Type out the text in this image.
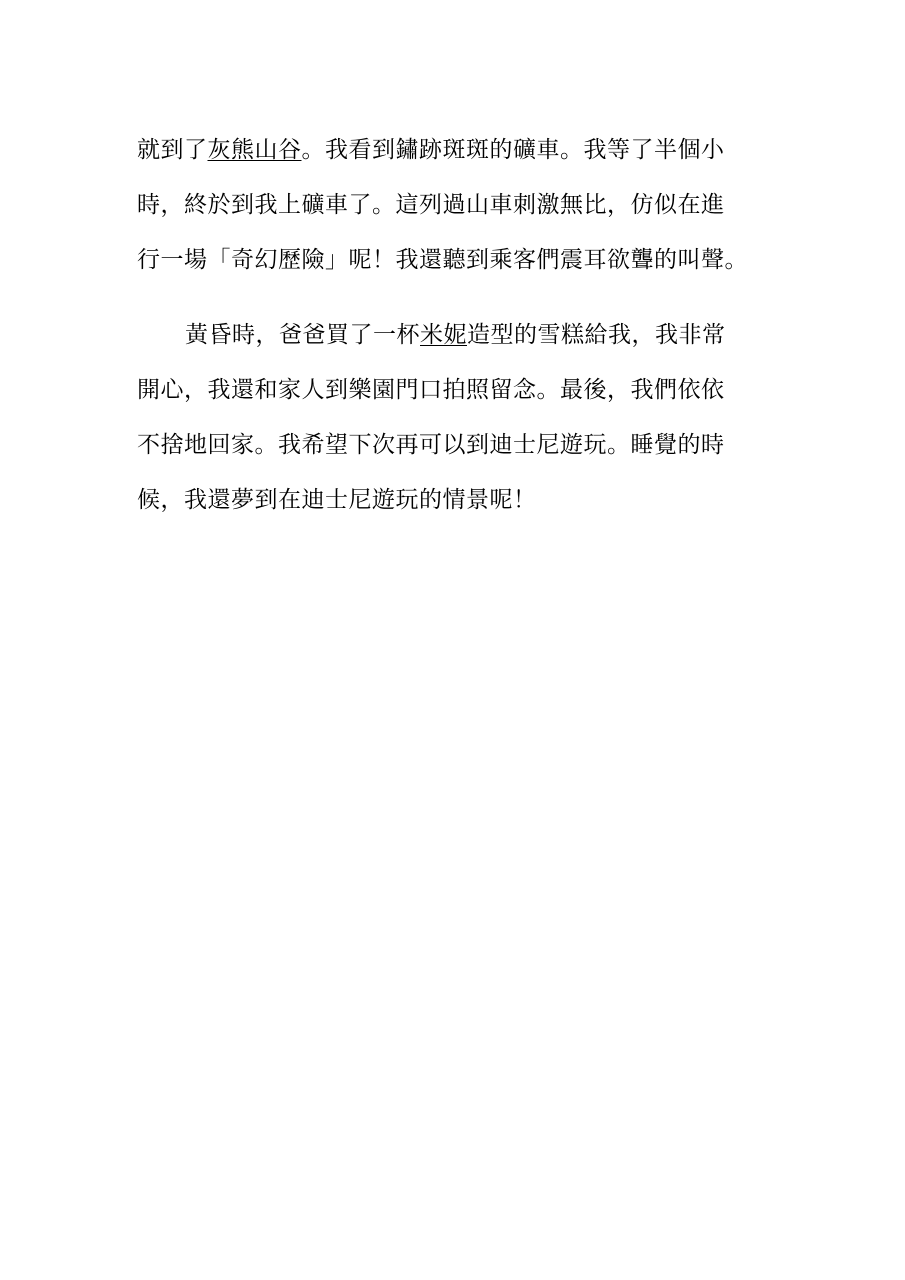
就到了灰熊山谷。我看到鏽跡斑斑的礦車。我等了半個小
時，終於到我上礦車了。這列過山車刺激無比，仿似在進
行一場「奇幻歷險」呢！我還聽到乘客們震耳欲聾的叫聲。
黃昏時，爸爸買了一杯米妮造型的雪糕給我，我非常
開心，我還和家人到樂園門口拍照留念。最後，我們依依
不捨地回家。我希望下次再可以到迪士尼遊玩。睡覺的時
候，我還夢到在迪士尼遊玩的情景呢！
